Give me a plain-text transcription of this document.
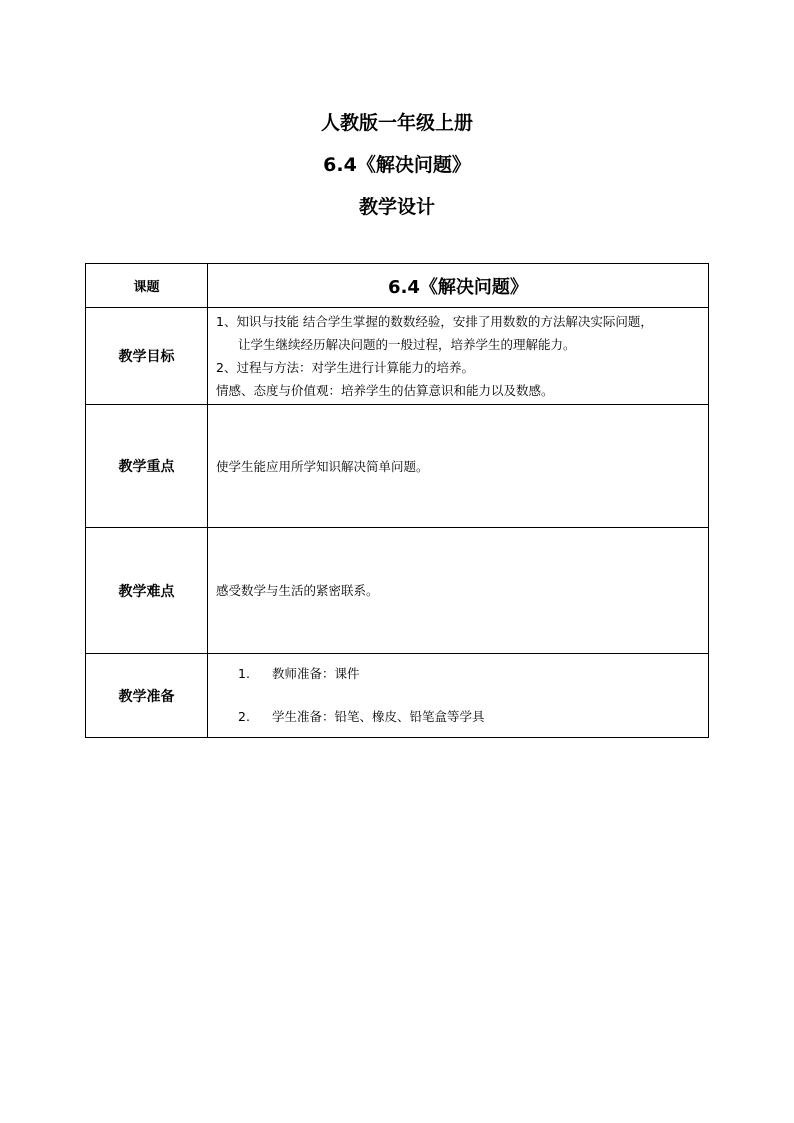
人教版一年级上册
6.4《解决问题》
教学设计
课题	6.4《解决问题》
教学目标	1、知识与技能 结合学生掌握的数数经验，安排了用数数的方法解决实际问题，
让学生继续经历解决问题的一般过程，培养学生的理解能力。
2、过程与方法：对学生进行计算能力的培养。
情感、态度与价值观：培养学生的估算意识和能力以及数感。

教学重点	使学生能应用所学知识解决简单问题。
教学难点	感受数学与生活的紧密联系。
教学准备	1. 教师准备：课件
2. 学生准备：铅笔、橡皮、铅笔盒等学具
